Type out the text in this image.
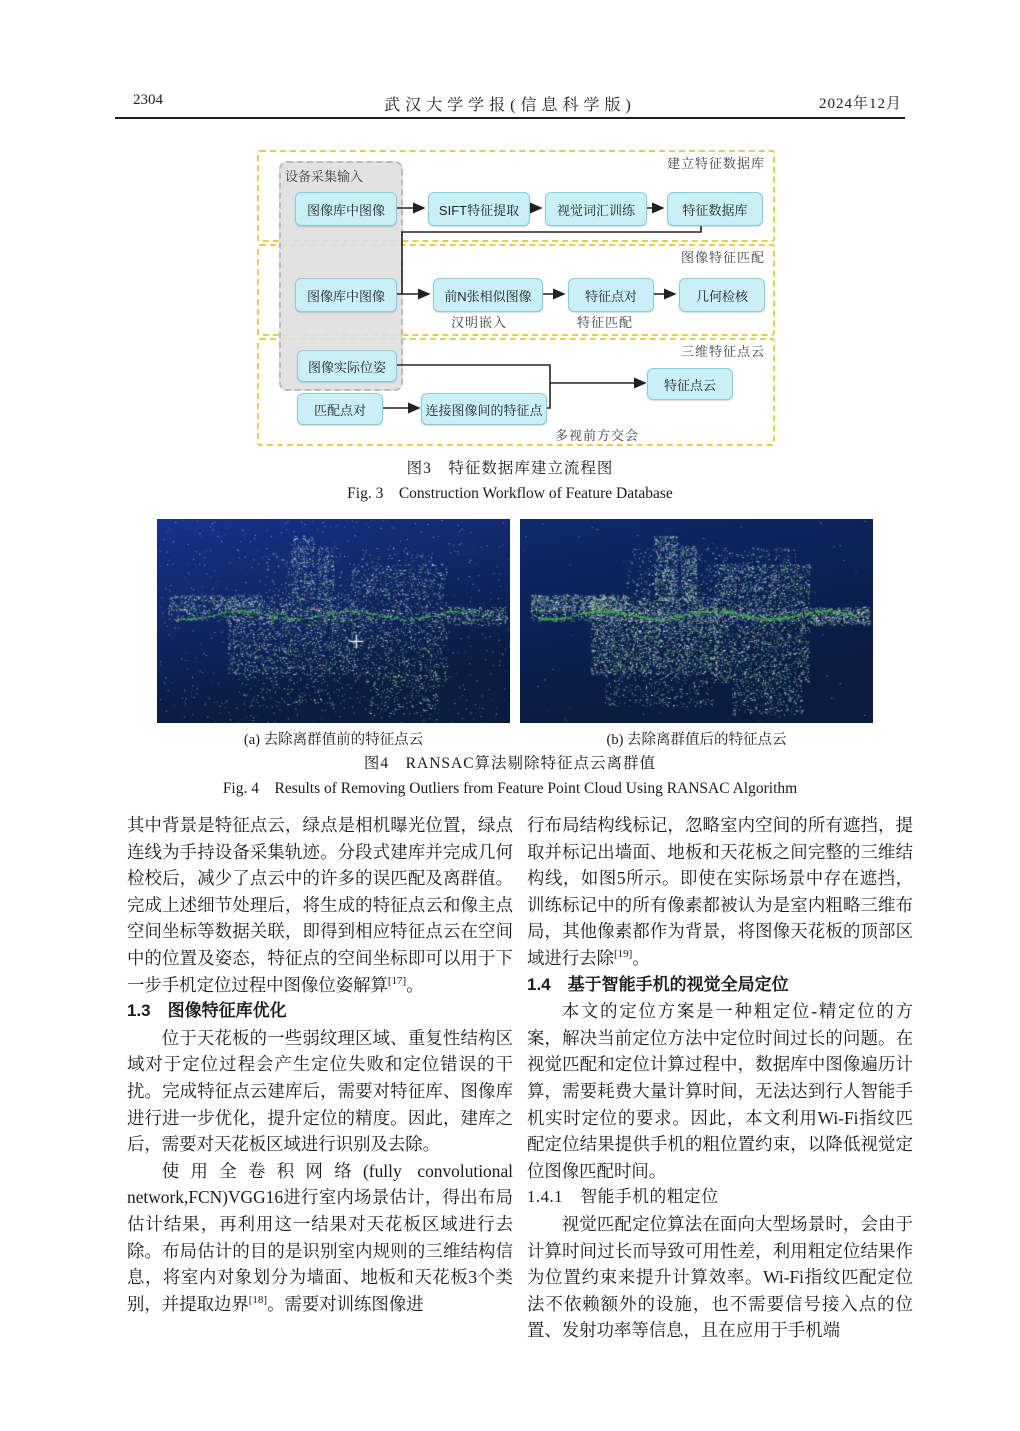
2304	武汉大学学报(信息科学版)	2024年12月
建立特征数据库
图像特征匹配
三维特征点云
设备采集输入
图像库中图像	SIFT特征提取	视觉词汇训练	特征数据库
图像库中图像	前N张相似图像	特征点对	几何检核
汉明嵌入	特征匹配
图像实际位姿
匹配点对	连接图像间的特征点
特征点云
多视前方交会
图3　特征数据库建立流程图
Fig. 3　Construction Workflow of Feature Database
(a) 去除离群值前的特征点云	(b) 去除离群值后的特征点云
图4　RANSAC算法剔除特征点云离群值
Fig. 4　Results of Removing Outliers from Feature Point Cloud Using RANSAC Algorithm
其中背景是特征点云，绿点是相机曝光位置，绿点连线为手持设备采集轨迹。分段式建库并完成几何检校后，减少了点云中的许多的误匹配及离群值。完成上述细节处理后，将生成的特征点云和像主点空间坐标等数据关联，即得到相应特征点云在空间中的位置及姿态，特征点的空间坐标即可以用于下一步手机定位过程中图像位姿解算[17]。
1.3　图像特征库优化
位于天花板的一些弱纹理区域、重复性结构区域对于定位过程会产生定位失败和定位错误的干扰。完成特征点云建库后，需要对特征库、图像库进行进一步优化，提升定位的精度。因此，建库之后，需要对天花板区域进行识别及去除。
使用全卷积网络(fully convolutional network,FCN)VGG16进行室内场景估计，得出布局估计结果，再利用这一结果对天花板区域进行去除。布局估计的目的是识别室内规则的三维结构信息，将室内对象划分为墙面、地板和天花板3个类别，并提取边界[18]。需要对训练图像进
行布局结构线标记，忽略室内空间的所有遮挡，提取并标记出墙面、地板和天花板之间完整的三维结构线，如图5所示。即使在实际场景中存在遮挡，训练标记中的所有像素都被认为是室内粗略三维布局，其他像素都作为背景，将图像天花板的顶部区域进行去除[19]。
1.4　基于智能手机的视觉全局定位
本文的定位方案是一种粗定位-精定位的方案，解决当前定位方法中定位时间过长的问题。在视觉匹配和定位计算过程中，数据库中图像遍历计算，需要耗费大量计算时间，无法达到行人智能手机实时定位的要求。因此，本文利用Wi-Fi指纹匹配定位结果提供手机的粗位置约束，以降低视觉定位图像匹配时间。
1.4.1　智能手机的粗定位
视觉匹配定位算法在面向大型场景时，会由于计算时间过长而导致可用性差，利用粗定位结果作为位置约束来提升计算效率。Wi-Fi指纹匹配定位法不依赖额外的设施，也不需要信号接入点的位置、发射功率等信息，且在应用于手机端
